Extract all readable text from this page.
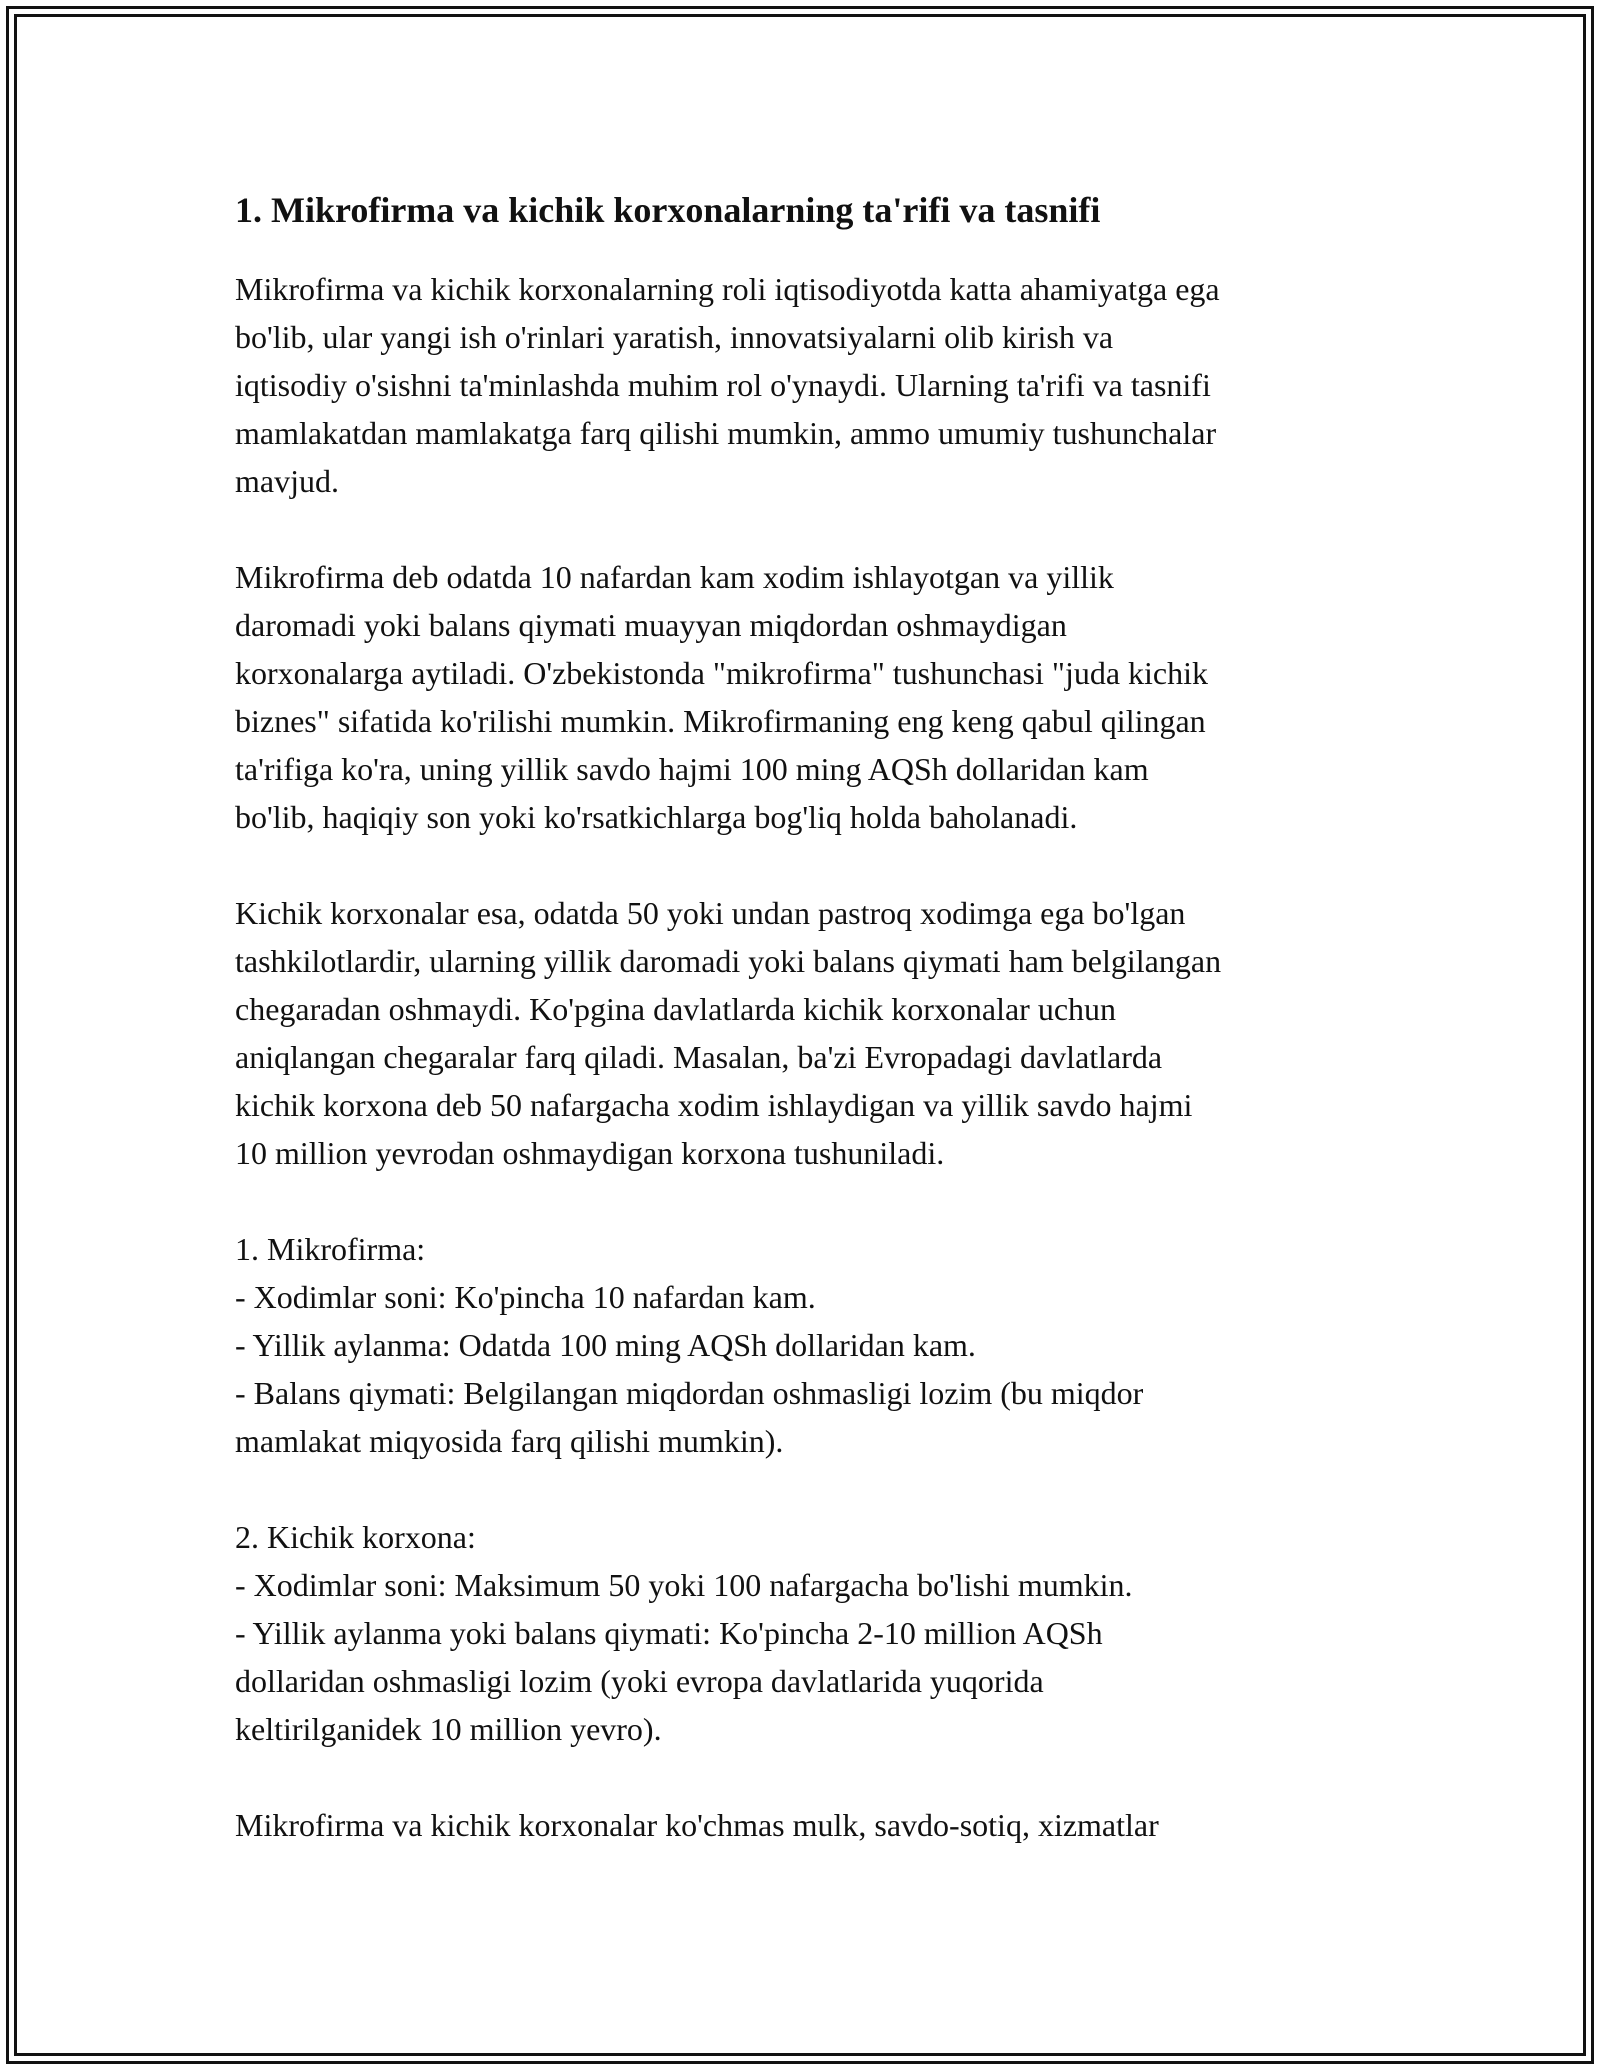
1. Mikrofirma va kichik korxonalarning ta'rifi va tasnifi

Mikrofirma va kichik korxonalarning roli iqtisodiyotda katta ahamiyatga ega
bo'lib, ular yangi ish o'rinlari yaratish, innovatsiyalarni olib kirish va
iqtisodiy o'sishni ta'minlashda muhim rol o'ynaydi. Ularning ta'rifi va tasnifi
mamlakatdan mamlakatga farq qilishi mumkin, ammo umumiy tushunchalar
mavjud.

Mikrofirma deb odatda 10 nafardan kam xodim ishlayotgan va yillik
daromadi yoki balans qiymati muayyan miqdordan oshmaydigan
korxonalarga aytiladi. O'zbekistonda "mikrofirma" tushunchasi "juda kichik
biznes" sifatida ko'rilishi mumkin. Mikrofirmaning eng keng qabul qilingan
ta'rifiga ko'ra, uning yillik savdo hajmi 100 ming AQSh dollaridan kam
bo'lib, haqiqiy son yoki ko'rsatkichlarga bog'liq holda baholanadi.

Kichik korxonalar esa, odatda 50 yoki undan pastroq xodimga ega bo'lgan
tashkilotlardir, ularning yillik daromadi yoki balans qiymati ham belgilangan
chegaradan oshmaydi. Ko'pgina davlatlarda kichik korxonalar uchun
aniqlangan chegaralar farq qiladi. Masalan, ba'zi Evropadagi davlatlarda
kichik korxona deb 50 nafargacha xodim ishlaydigan va yillik savdo hajmi
10 million yevrodan oshmaydigan korxona tushuniladi.

1. Mikrofirma:
- Xodimlar soni: Ko'pincha 10 nafardan kam.
- Yillik aylanma: Odatda 100 ming AQSh dollaridan kam.
- Balans qiymati: Belgilangan miqdordan oshmasligi lozim (bu miqdor
mamlakat miqyosida farq qilishi mumkin).

2. Kichik korxona:
- Xodimlar soni: Maksimum 50 yoki 100 nafargacha bo'lishi mumkin.
- Yillik aylanma yoki balans qiymati: Ko'pincha 2-10 million AQSh
dollaridan oshmasligi lozim (yoki evropa davlatlarida yuqorida
keltirilganidek 10 million yevro).

Mikrofirma va kichik korxonalar ko'chmas mulk, savdo-sotiq, xizmatlar
